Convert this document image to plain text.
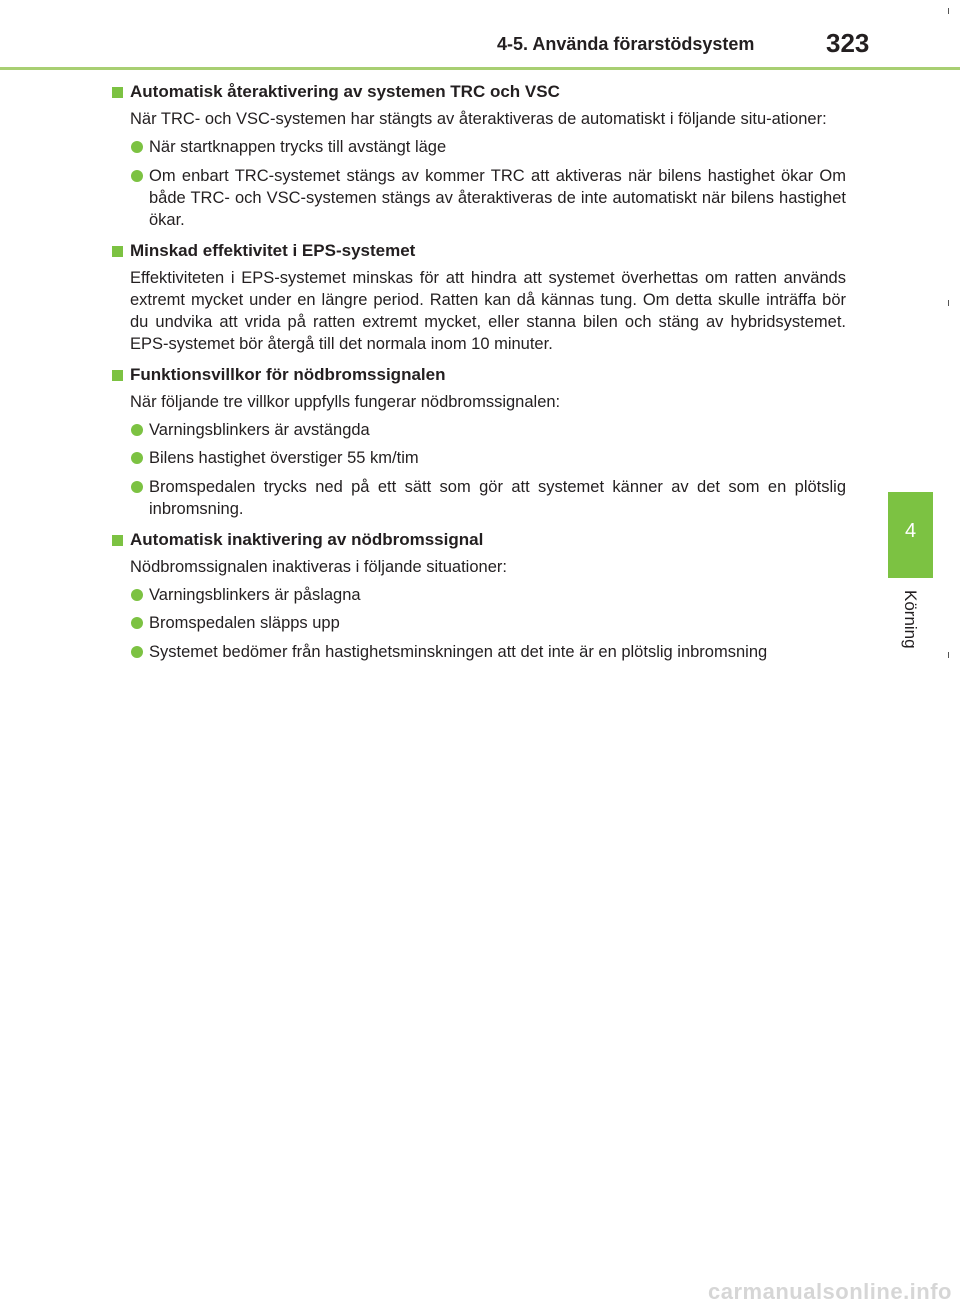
4-5. Använda förarstödsystem	323
4
Körning
Automatisk återaktivering av systemen TRC och VSC
När TRC- och VSC-systemen har stängts av återaktiveras de automatiskt i följande situ-ationer:
När startknappen trycks till avstängt läge
Om enbart TRC-systemet stängs av kommer TRC att aktiveras när bilens hastighet ökar Om både TRC- och VSC-systemen stängs av återaktiveras de inte automatiskt när bilens hastighet ökar.
Minskad effektivitet i EPS-systemet
Effektiviteten i EPS-systemet minskas för att hindra att systemet överhettas om ratten används extremt mycket under en längre period. Ratten kan då kännas tung. Om detta skulle inträffa bör du undvika att vrida på ratten extremt mycket, eller stanna bilen och stäng av hybridsystemet. EPS-systemet bör återgå till det normala inom 10 minuter.
Funktionsvillkor för nödbromssignalen
När följande tre villkor uppfylls fungerar nödbromssignalen:
Varningsblinkers är avstängda
Bilens hastighet överstiger 55 km/tim
Bromspedalen trycks ned på ett sätt som gör att systemet känner av det som en plötslig inbromsning.
Automatisk inaktivering av nödbromssignal
Nödbromssignalen inaktiveras i följande situationer:
Varningsblinkers är påslagna
Bromspedalen släpps upp
Systemet bedömer från hastighetsminskningen att det inte är en plötslig inbromsning
carmanualsonline.info
